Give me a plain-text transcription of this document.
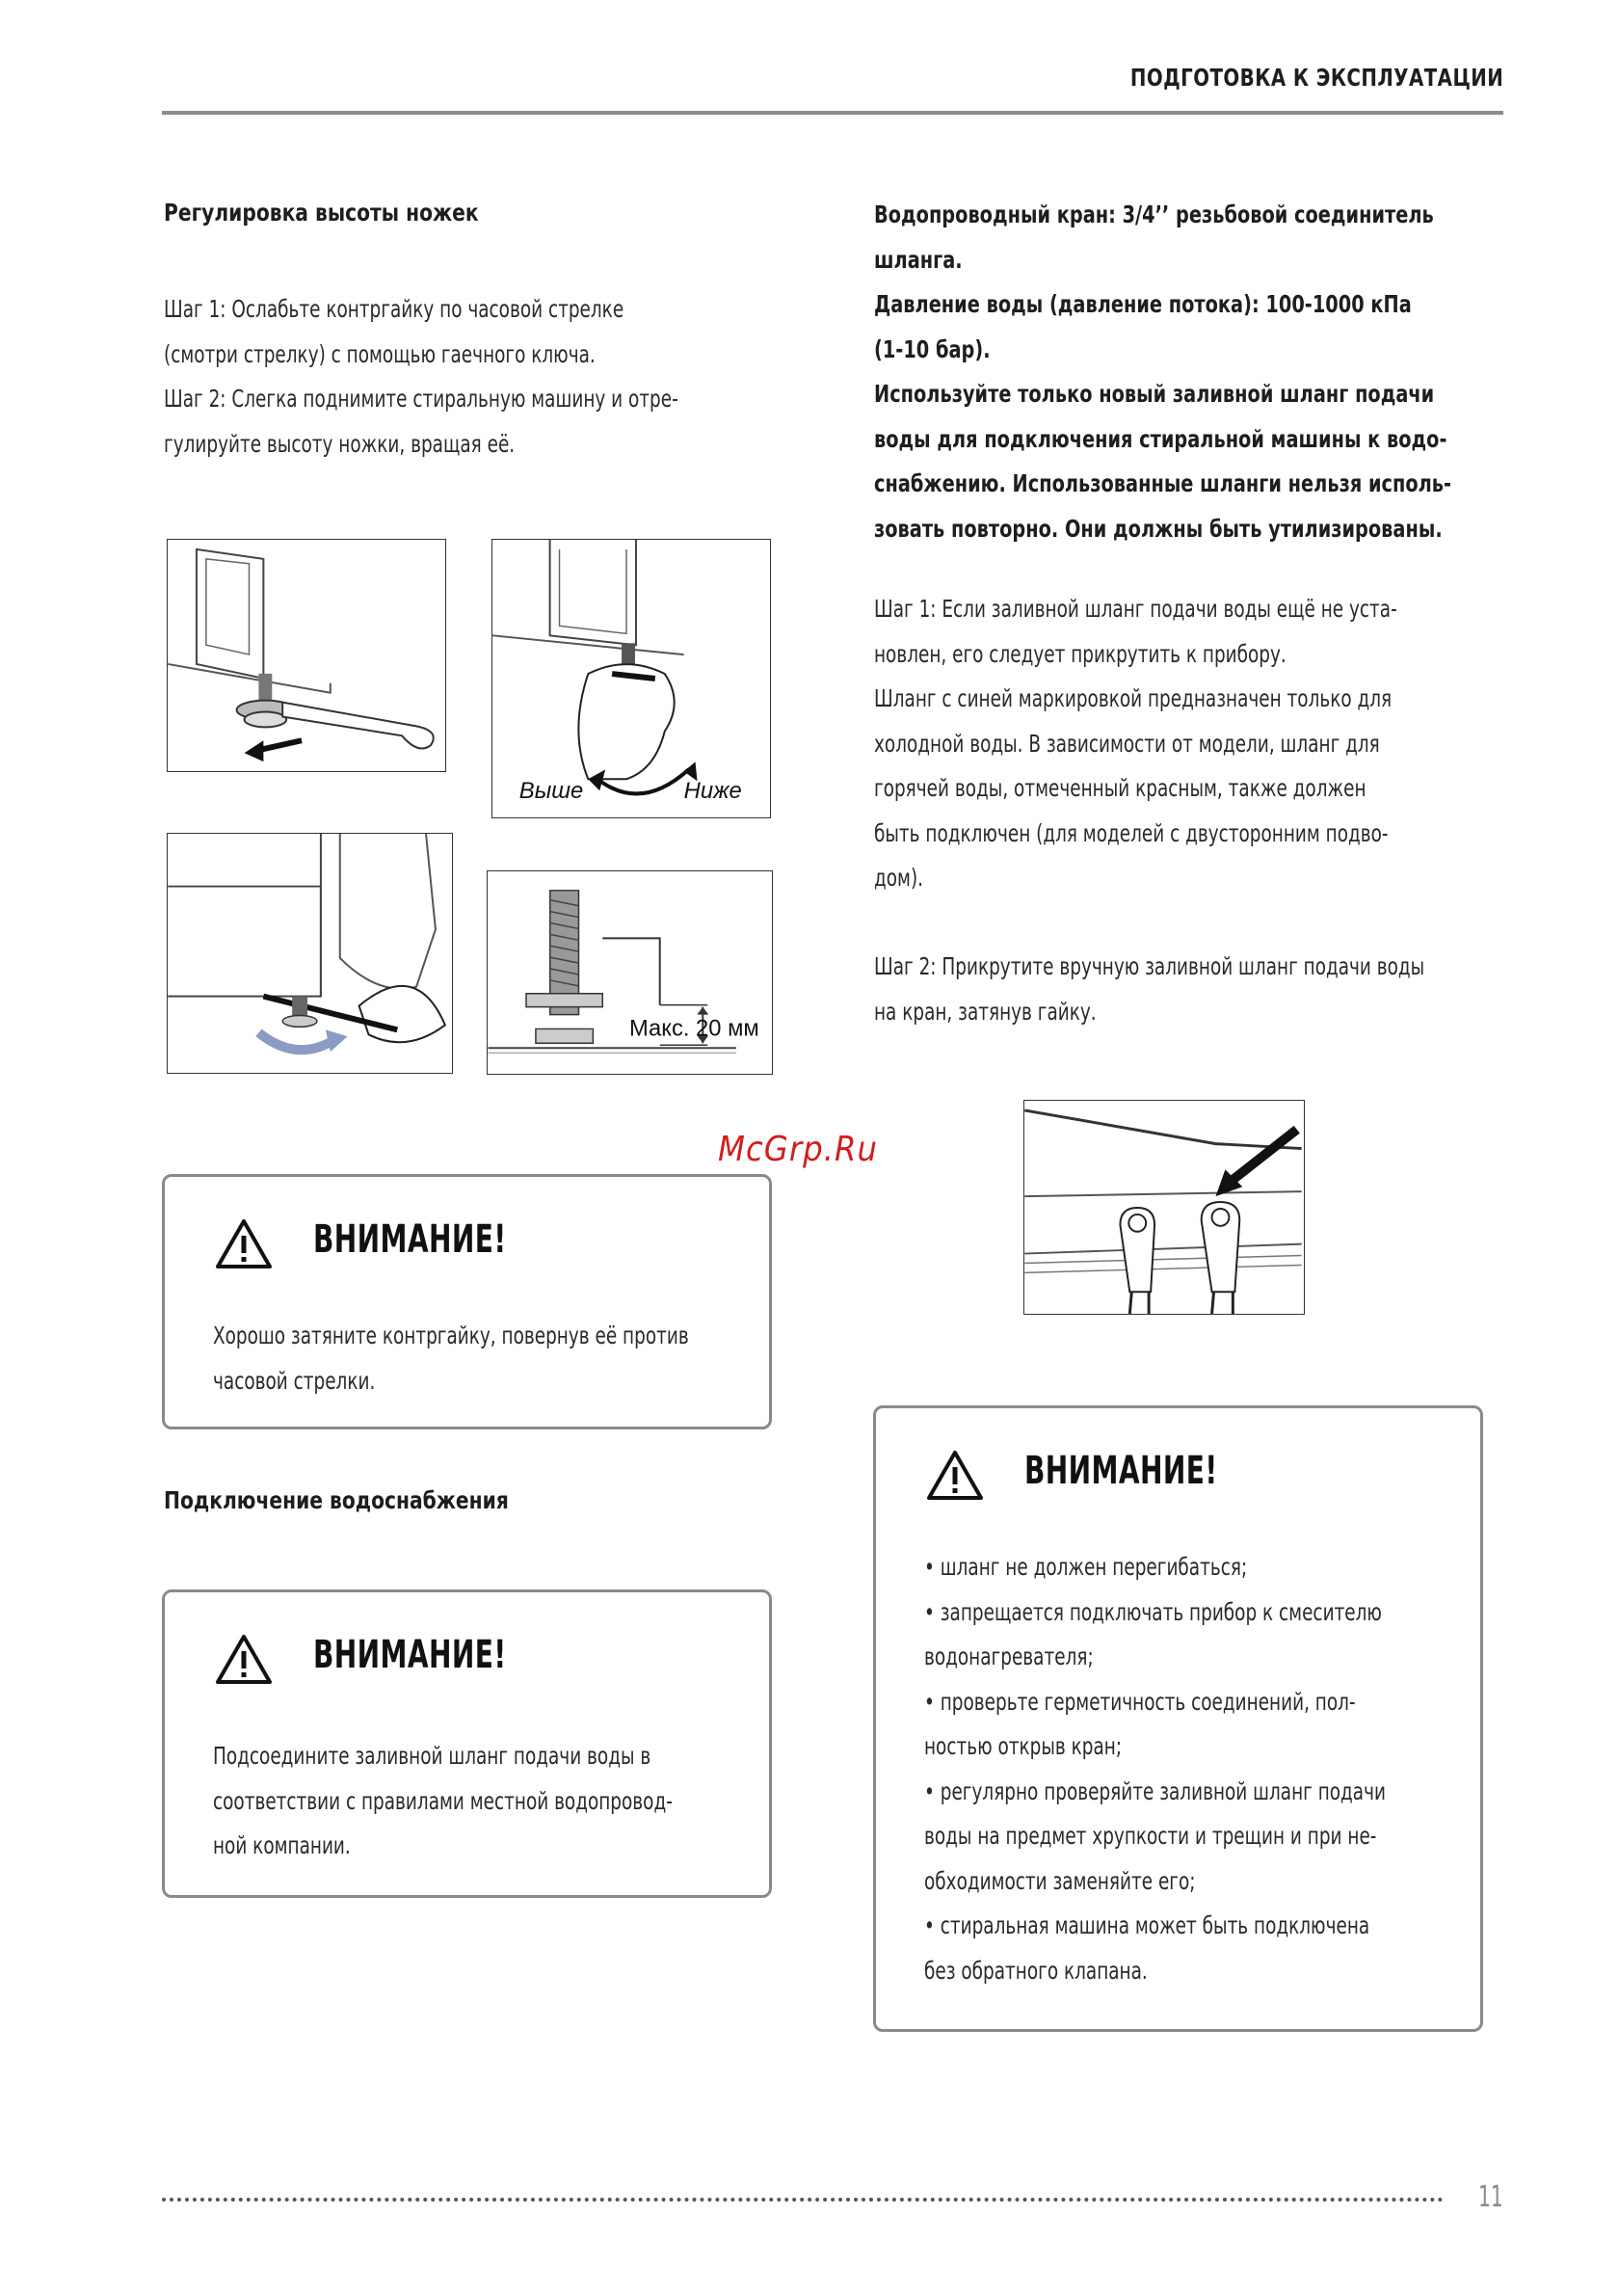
ПОДГОТОВКА К ЭКСПЛУАТАЦИИ
Регулировка высоты ножек
Шаг 1: Ослабьте контргайку по часовой стрелке
(смотри стрелку) с помощью гаечного ключа.
Шаг 2: Слегка поднимите стиральную машину и отре-
гулируйте высоту ножки, вращая её.
Выше	Ниже
Макс. 20 мм
McGrp.Ru
ВНИМАНИЕ!
Хорошо затяните контргайку, повернув её против
часовой стрелки.
Подключение водоснабжения
ВНИМАНИЕ!
Подсоедините заливной шланг подачи воды в
соответствии с правилами местной водопровод-
ной компании.
Водопроводный кран: 3/4’’ резьбовой соединитель
шланга.
Давление воды (давление потока): 100-1000 кПа
(1-10 бар).
Используйте только новый заливной шланг подачи
воды для подключения стиральной машины к водо-
снабжению. Использованные шланги нельзя исполь-
зовать повторно. Они должны быть утилизированы.
Шаг 1: Если заливной шланг подачи воды ещё не уста-
новлен, его следует прикрутить к прибору.
Шланг с синей маркировкой предназначен только для
холодной воды. В зависимости от модели, шланг для
горячей воды, отмеченный красным, также должен
быть подключен (для моделей с двусторонним подво-
дом).
Шаг 2: Прикрутите вручную заливной шланг подачи воды
на кран, затянув гайку.
ВНИМАНИЕ!
• шланг не должен перегибаться;
• запрещается подключать прибор к смесителю
водонагревателя;
• проверьте герметичность соединений, пол-
ностью открыв кран;
• регулярно проверяйте заливной шланг подачи
воды на предмет хрупкости и трещин и при не-
обходимости заменяйте его;
• стиральная машина может быть подключена
без обратного клапана.
11
